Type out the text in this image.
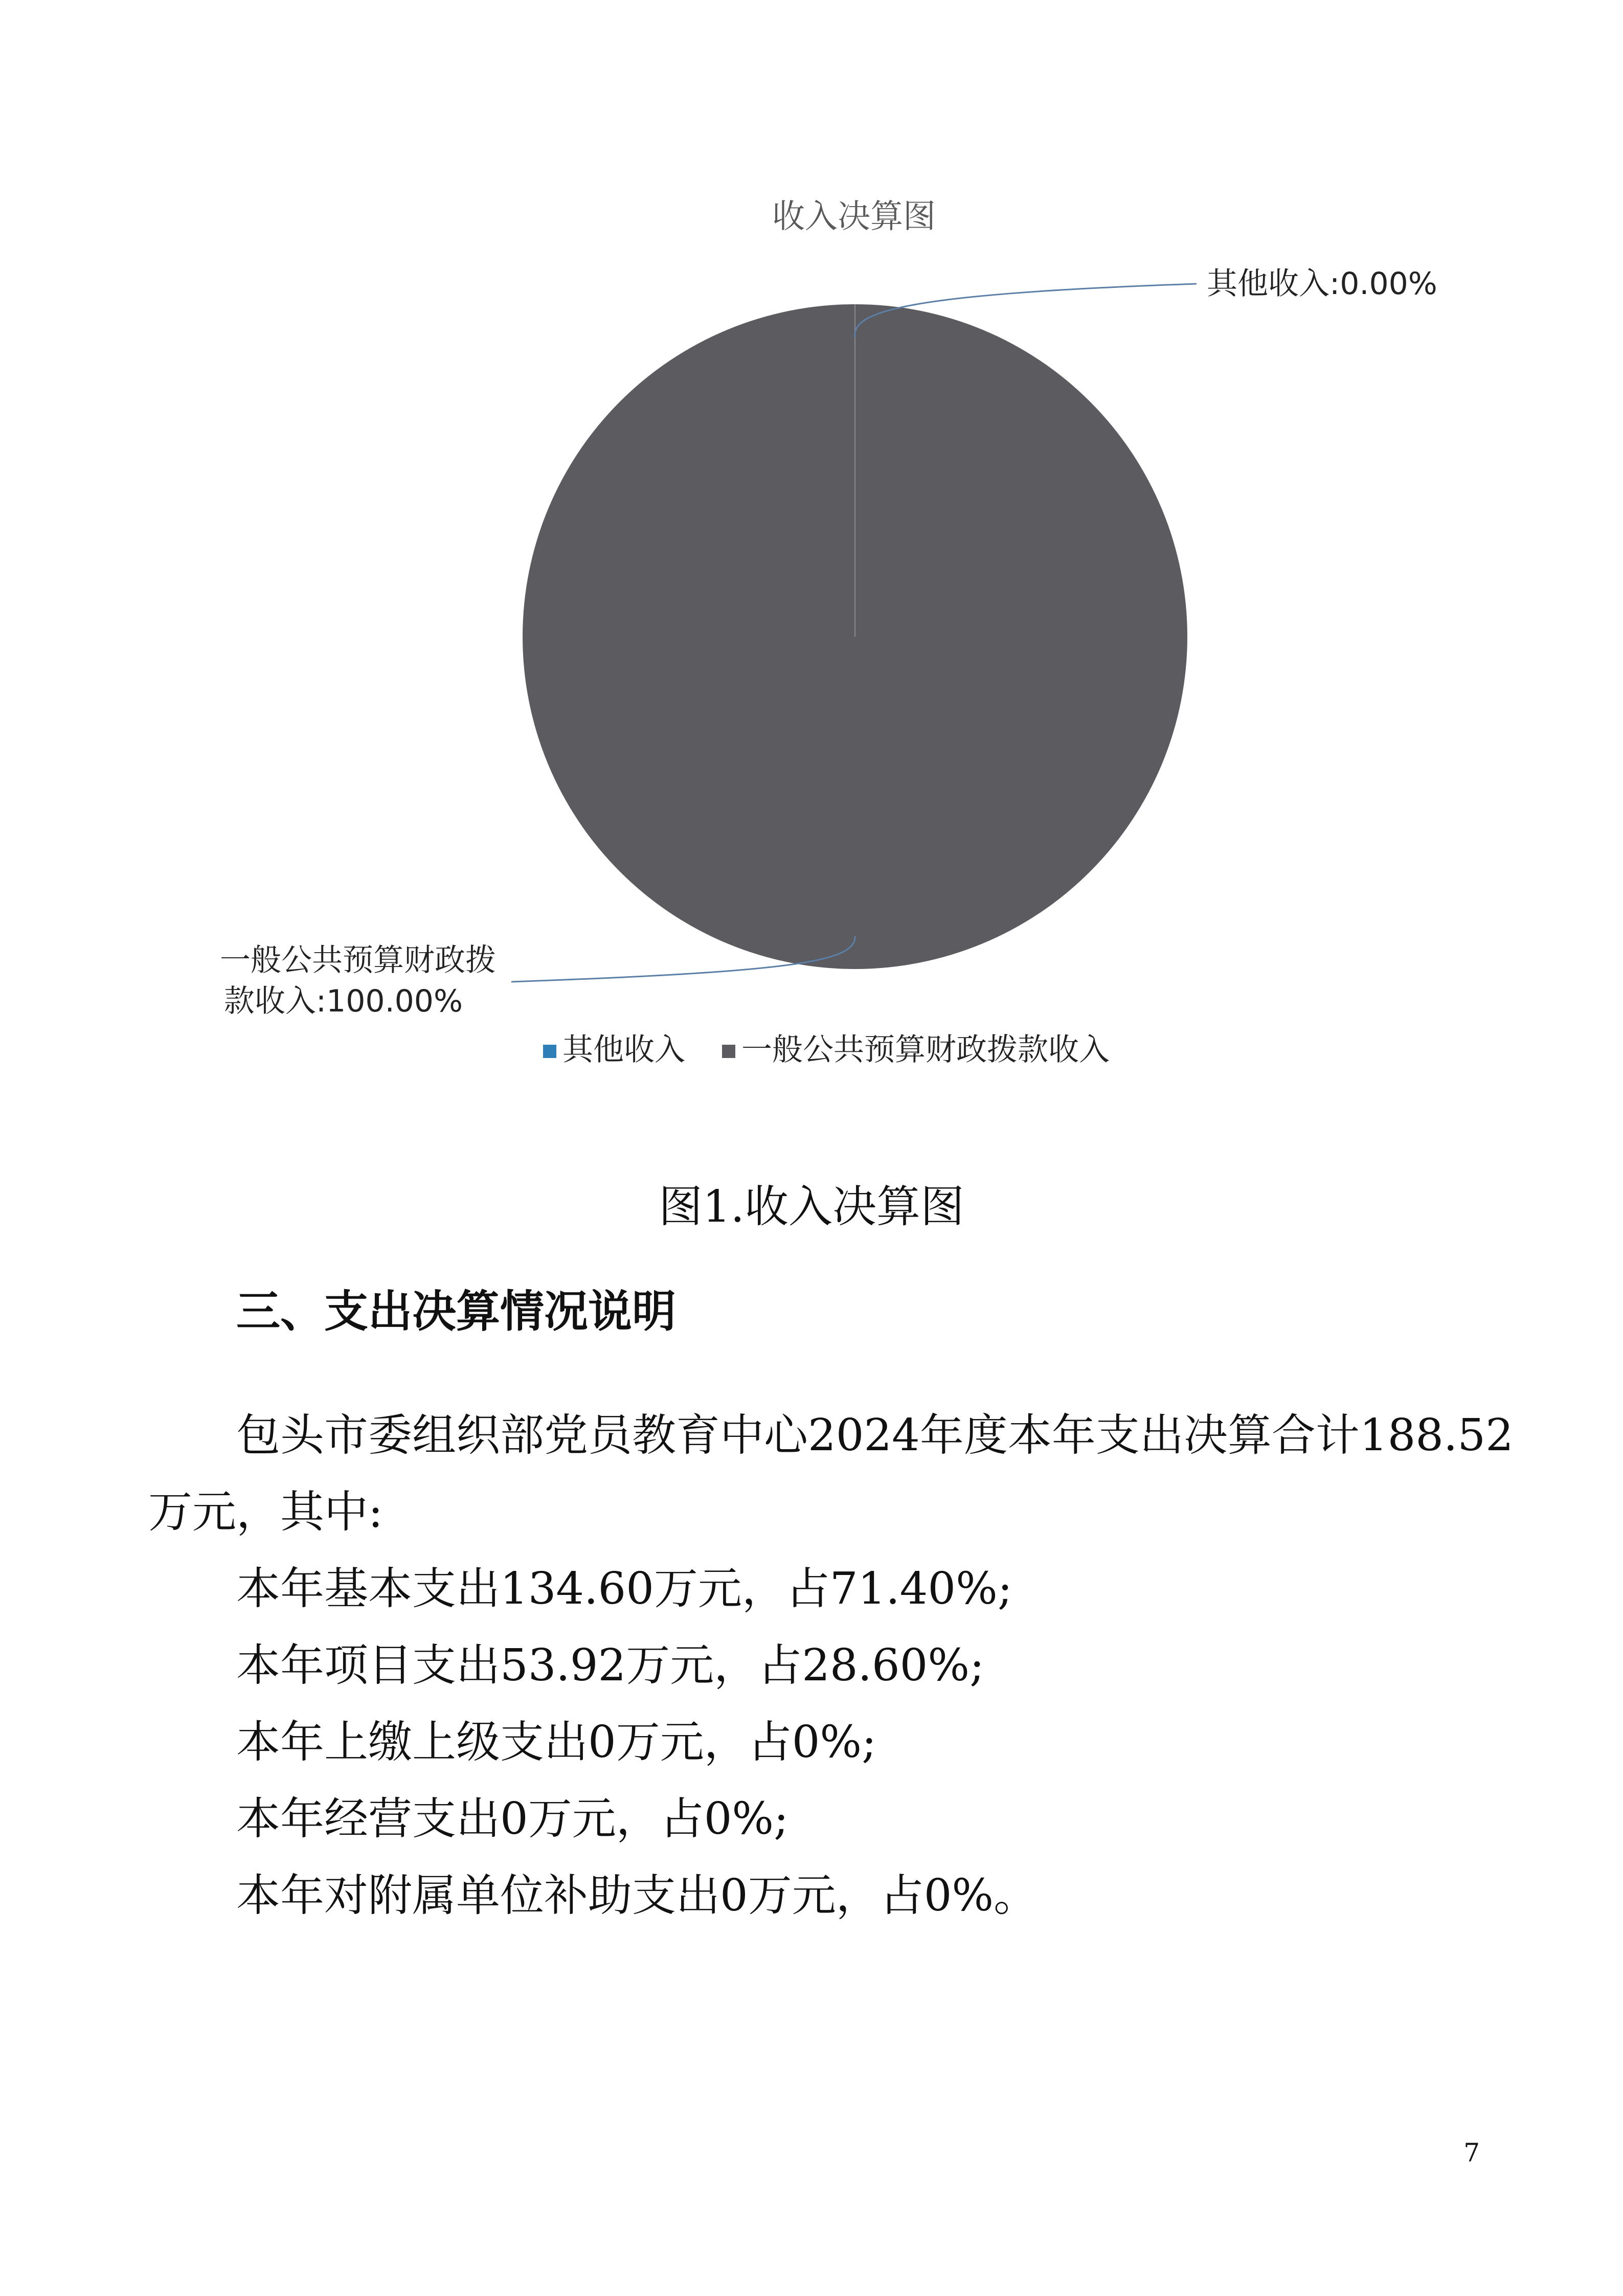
收入决算图
其他收入:0.00%
一般公共预算财政拨
款收入:100.00%
其他收入 一般公共预算财政拨款收入
图1.收入决算图
三、支出决算情况说明
包头市委组织部党员教育中心2024年度本年支出决算合计188.52
万元，其中:
本年基本支出134.60万元，占71.40%;
本年项目支出53.92万元，占28.60%;
本年上缴上级支出0万元，占0%;
本年经营支出0万元，占0%;
本年对附属单位补助支出0万元，占0%。
7
